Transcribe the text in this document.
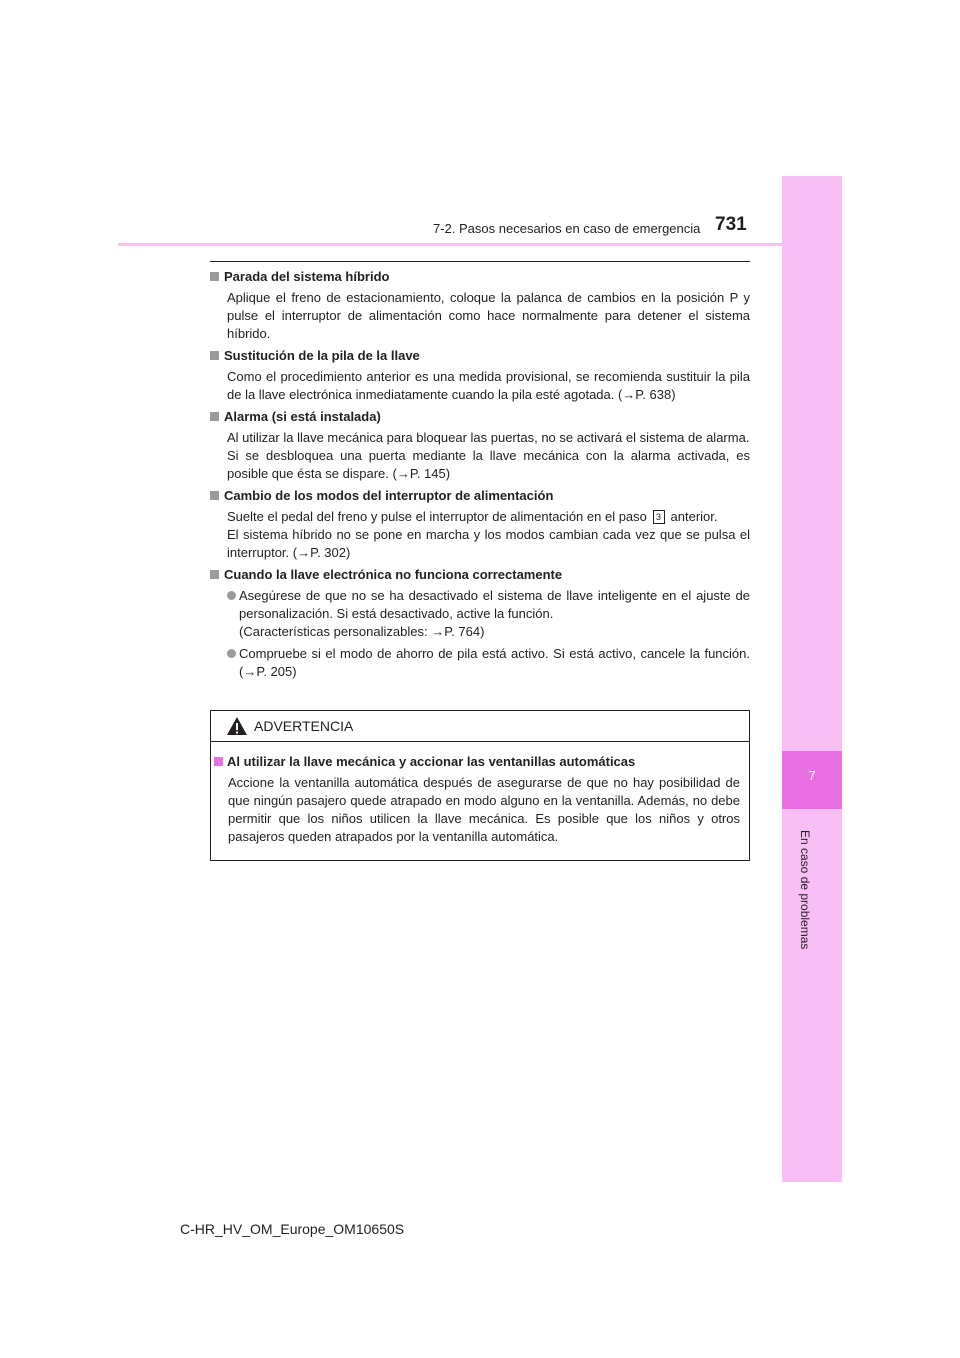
7
En caso de problemas
7-2. Pasos necesarios en caso de emergencia 731

Parada del sistema híbrido

Aplique el freno de estacionamiento, coloque la palanca de cambios en la posición P y pulse el interruptor de alimentación como hace normalmente para detener el sistema híbrido.

Sustitución de la pila de la llave

Como el procedimiento anterior es una medida provisional, se recomienda sustituir la pila de la llave electrónica inmediatamente cuando la pila esté agotada. (→P. 638)

Alarma (si está instalada)

Al utilizar la llave mecánica para bloquear las puertas, no se activará el sistema de alarma.

Si se desbloquea una puerta mediante la llave mecánica con la alarma activada, es posible que ésta se dispare. (→P. 145)

Cambio de los modos del interruptor de alimentación

Suelte el pedal del freno y pulse el interruptor de alimentación en el paso 3 anterior.

El sistema híbrido no se pone en marcha y los modos cambian cada vez que se pulsa el interruptor. (→P. 302)

Cuando la llave electrónica no funciona correctamente

Asegúrese de que no se ha desactivado el sistema de llave inteligente en el ajuste de personalización. Si está desactivado, active la función.
(Características personalizables: →P. 764)
Compruebe si el modo de ahorro de pila está activo. Si está activo, cancele la función. (→P. 205)
ADVERTENCIA

Al utilizar la llave mecánica y accionar las ventanillas automáticas

Accione la ventanilla automática después de asegurarse de que no hay posibilidad de que ningún pasajero quede atrapado en modo alguno en la ventanilla. Además, no debe permitir que los niños utilicen la llave mecánica. Es posible que los niños y otros pasajeros queden atrapados por la ventanilla automática.

C-HR_HV_OM_Europe_OM10650S
